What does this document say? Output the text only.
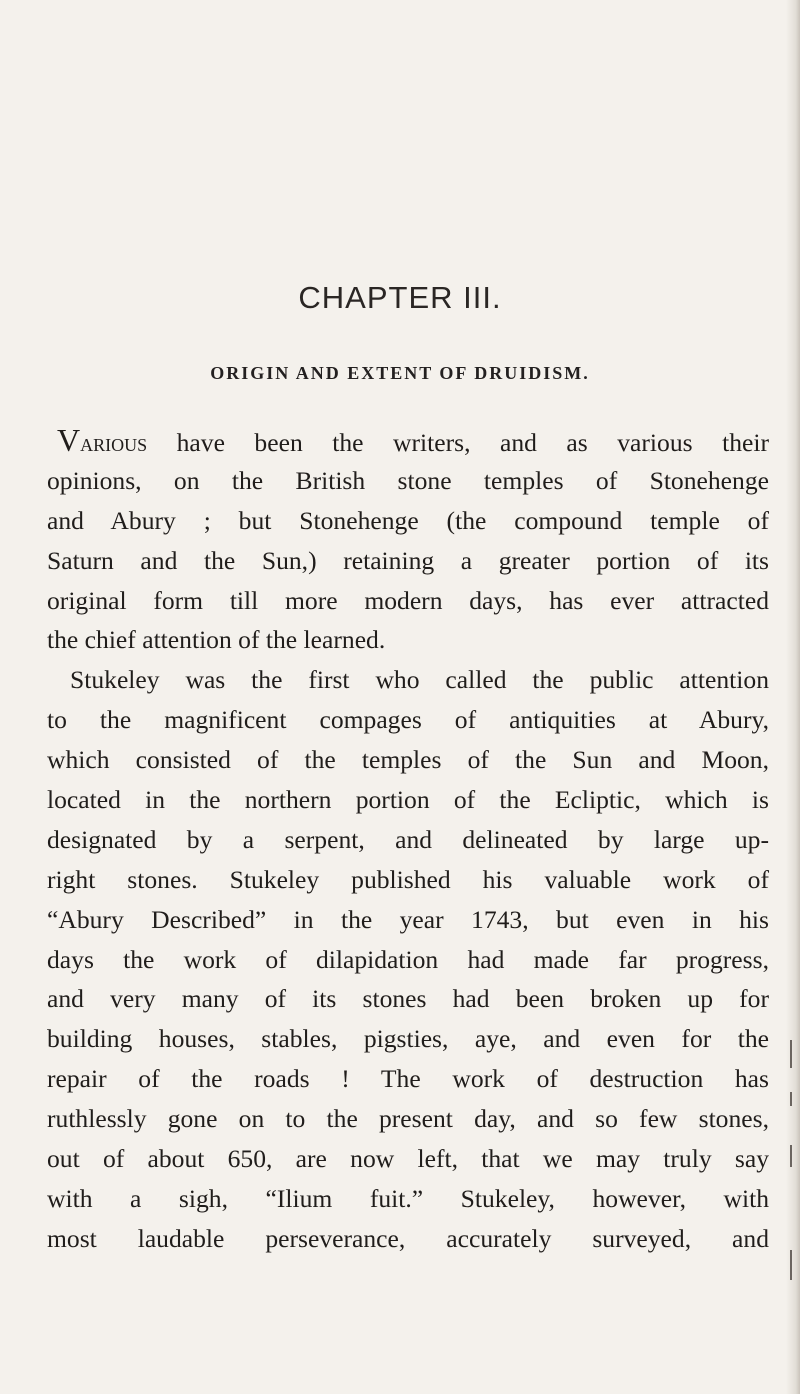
CHAPTER III.
ORIGIN AND EXTENT OF DRUIDISM.
Various have been the writers, and as various their
opinions, on the British stone temples of Stonehenge
and Abury ; but Stonehenge (the compound temple of
Saturn and the Sun,) retaining a greater portion of its
original form till more modern days, has ever attracted
the chief attention of the learned.
Stukeley was the first who called the public attention
to the magnificent compages of antiquities at Abury,
which consisted of the temples of the Sun and Moon,
located in the northern portion of the Ecliptic, which is
designated by a serpent, and delineated by large up-
right stones. Stukeley published his valuable work of
“Abury Described” in the year 1743, but even in his
days the work of dilapidation had made far progress,
and very many of its stones had been broken up for
building houses, stables, pigsties, aye, and even for the
repair of the roads ! The work of destruction has
ruthlessly gone on to the present day, and so few stones,
out of about 650, are now left, that we may truly say
with a sigh, “Ilium fuit.” Stukeley, however, with
most laudable perseverance, accurately surveyed, and
